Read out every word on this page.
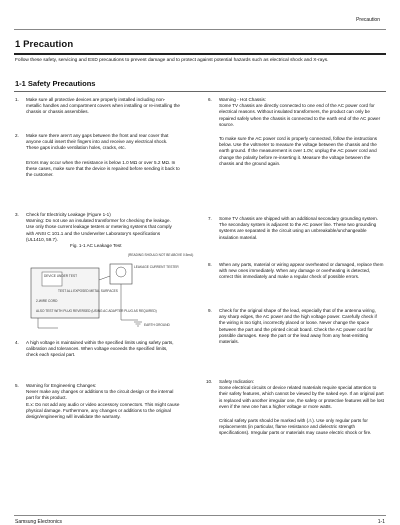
Precaution
1 Precaution
Follow these safety, servicing and ESD precautions to prevent damage and to protect against potential hazards such as electrical shock and X-rays.
1-1 Safety Precautions
1. Make sure all protective devices are properly installed including non-metallic handles and compartment covers when installing or re-installing the chassis or chassis assemblies.

2. Make sure there aren't any gaps between the front and rear cover that anyone could insert their fingers into and receive any electrical shock. These gaps include ventilation holes, cracks, etc.

Errors may occur when the resistance is below 1.0 MΩ or over 5.2 MΩ. In these cases, make sure that the device is repaired before sending it back to the customer.

3. Check for Electricity Leakage (Figure 1-1)

Warning: Do not use an insulated transformer for checking the leakage. Use only those current leakage testers or metering systems that comply with ANSI C 101.1 and the Underwriter Laboratory's specifications (UL1410, 59.7).

4. A high voltage is maintained within the specified limits using safety parts, calibration and tolerances. When voltage exceeds the specified limits, check each special part.

5. Warning for Engineering Changes:

Never make any changes or additions to the circuit design or the internal part for this product.

E.x: Do not add any audio or video accessory connectors. This might cause physical damage. Furthermore, any changes or additions to the original design/engineering will invalidate the warranty.

Fig. 1-1 AC Leakage Test
DEVICE UNDER TEST
LEAKAGE CURRENT TESTER
(READING SHOULD NOT BE ABOVE 0.5mA)
EARTH GROUND
TEST ALL EXPOSED METAL SURFACES
2-WIRE CORD
ALSO TEST WITH PLUG REVERSED (USING AC ADAPTER PLUG AS REQUIRED)
6. Warning - Hot Chassis:

Some TV chassis are directly connected to one end of the AC power cord for electrical reasons. Without insulated transformers, the product can only be repaired safely when the chassis is connected to the earth end of the AC power source.

To make sure the AC power cord is properly connected, follow the instructions below. Use the voltmeter to measure the voltage between the chassis and the earth ground. If the measurement is over 1.0V, unplug the AC power cord and change the polarity before re-inserting it. Measure the voltage between the chassis and the ground again.

7. Some TV chassis are shipped with an additional secondary grounding system. The secondary system is adjacent to the AC power line. These two grounding systems are separated in the circuit using an unbreakable/unchangeable insulation material.

8. When any parts, material or wiring appear overheated or damaged, replace them with new ones immediately. When any damage or overheating is detected, correct this immediately and make a regular check of possible errors.

9. Check for the original shape of the lead, especially that of the antenna wiring, any sharp edges, the AC power and the high voltage power. Carefully check if the wiring is too tight, incorrectly placed or loose. Never change the space between the part and the printed circuit board. Check the AC power cord for possible damages. Keep the part or the lead away from any heat-emitting materials.

10. Safety Indication:

Some electrical circuits or device related materials require special attention to their safety features, which cannot be viewed by the naked eye. If an original part is replaced with another irregular one, the safety or protective features will be lost even if the new one has a higher voltage or more watts.

Critical safety parts should be marked with (⚠). Use only regular parts for replacements (in particular, flame resistance and dielectric strength specifications). Irregular parts or materials may cause electric shock or fire.

Samsung Electronics	1-1
